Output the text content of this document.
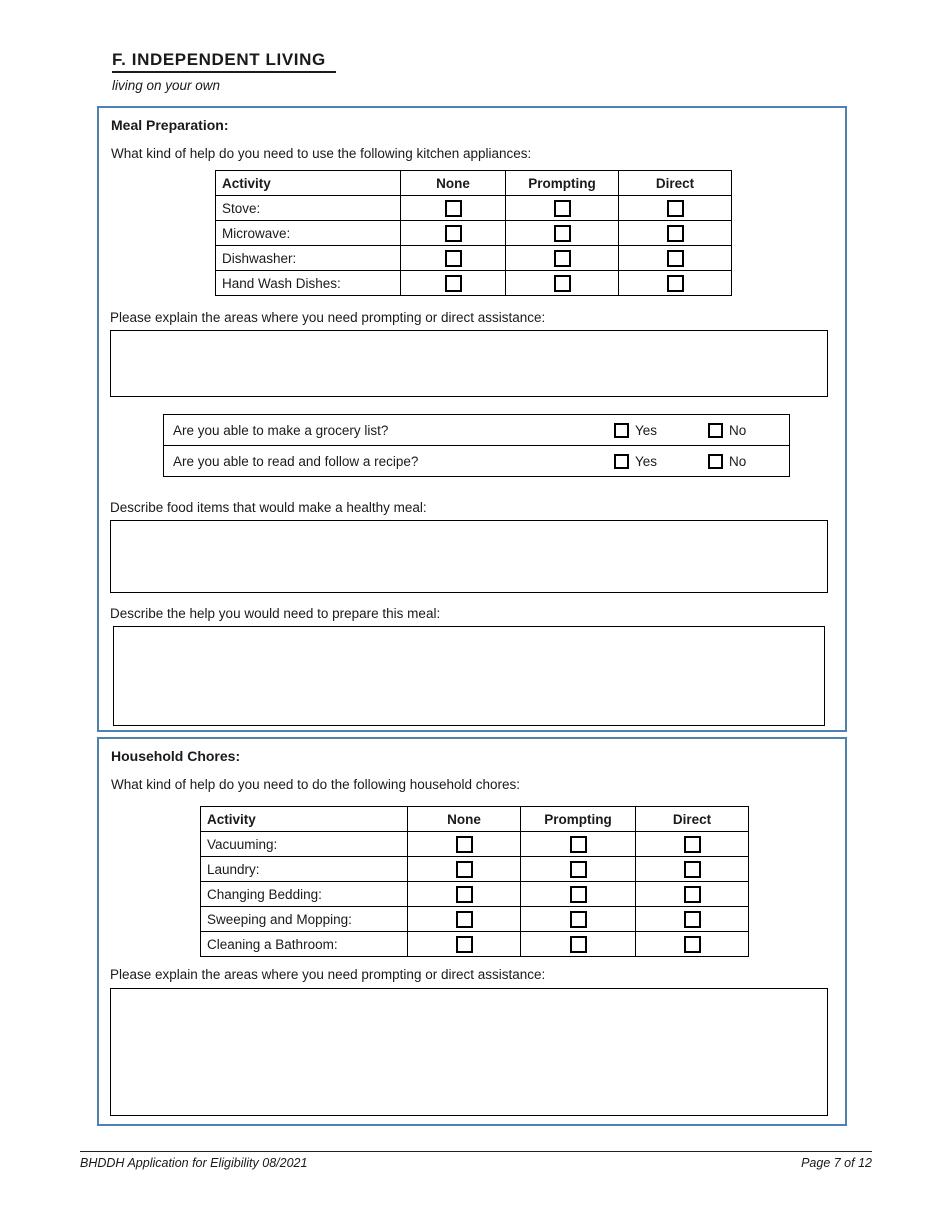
F. INDEPENDENT LIVING
living on your own
Meal Preparation:
What kind of help do you need to use the following kitchen appliances:
Activity	None	Prompting	Direct
Stove:			
Microwave:			
Dishwasher:			
Hand Wash Dishes:			
Please explain the areas where you need prompting or direct assistance:
Are you able to make a grocery list?	Yes	No
Are you able to read and follow a recipe?	Yes	No
Describe food items that would make a healthy meal:
Describe the help you would need to prepare this meal:
Household Chores:
What kind of help do you need to do the following household chores:
Activity	None	Prompting	Direct
Vacuuming:			
Laundry:			
Changing Bedding:			
Sweeping and Mopping:			
Cleaning a Bathroom:			
Please explain the areas where you need prompting or direct assistance:
BHDDH Application for Eligibility 08/2021	Page 7 of 12
